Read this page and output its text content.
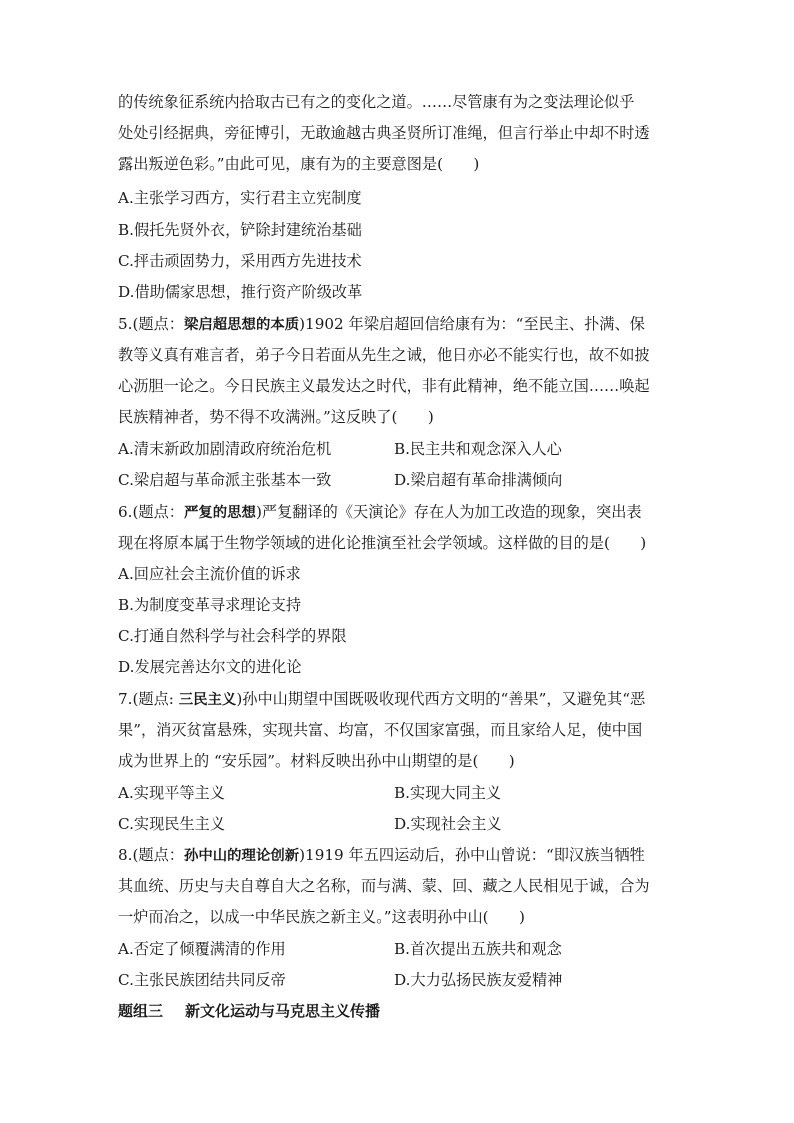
的传统象征系统内拾取古已有之的变化之道。……尽管康有为之变法理论似乎
处处引经据典，旁征博引，无敢逾越古典圣贤所订准绳，但言行举止中却不时透
露出叛逆色彩。”由此可见，康有为的主要意图是(　　)
A.主张学习西方，实行君主立宪制度
B.假托先贤外衣，铲除封建统治基础
C.抨击顽固势力，采用西方先进技术
D.借助儒家思想，推行资产阶级改革
5.(题点：梁启超思想的本质)1902 年梁启超回信给康有为：“至民主、扑满、保
教等义真有难言者，弟子今日若面从先生之诫，他日亦必不能实行也，故不如披
心沥胆一论之。今日民族主义最发达之时代，非有此精神，绝不能立国……唤起
民族精神者，势不得不攻满洲。”这反映了(　　)
A.清末新政加剧清政府统治危机	B.民主共和观念深入人心
C.梁启超与革命派主张基本一致	D.梁启超有革命排满倾向
6.(题点：严复的思想)严复翻译的《天演论》存在人为加工改造的现象，突出表
现在将原本属于生物学领域的进化论推演至社会学领域。这样做的目的是(　　)
A.回应社会主流价值的诉求
B.为制度变革寻求理论支持
C.打通自然科学与社会科学的界限
D.发展完善达尔文的进化论
7.(题点: 三民主义)孙中山期望中国既吸收现代西方文明的“善果”，又避免其“恶
果”，消灭贫富悬殊，实现共富、均富，不仅国家富强，而且家给人足，使中国
成为世界上的 “安乐园”。材料反映出孙中山期望的是(　　)
A.实现平等主义	B.实现大同主义
C.实现民生主义	D.实现社会主义
8.(题点：孙中山的理论创新)1919 年五四运动后，孙中山曾说：“即汉族当牺牲
其血统、历史与夫自尊自大之名称，而与满、蒙、回、藏之人民相见于诚，合为
一炉而冶之，以成一中华民族之新主义。”这表明孙中山(　　)
A.否定了倾覆满清的作用	B.首次提出五族共和观念
C.主张民族团结共同反帝	D.大力弘扬民族友爱精神
题组三 新文化运动与马克思主义传播
